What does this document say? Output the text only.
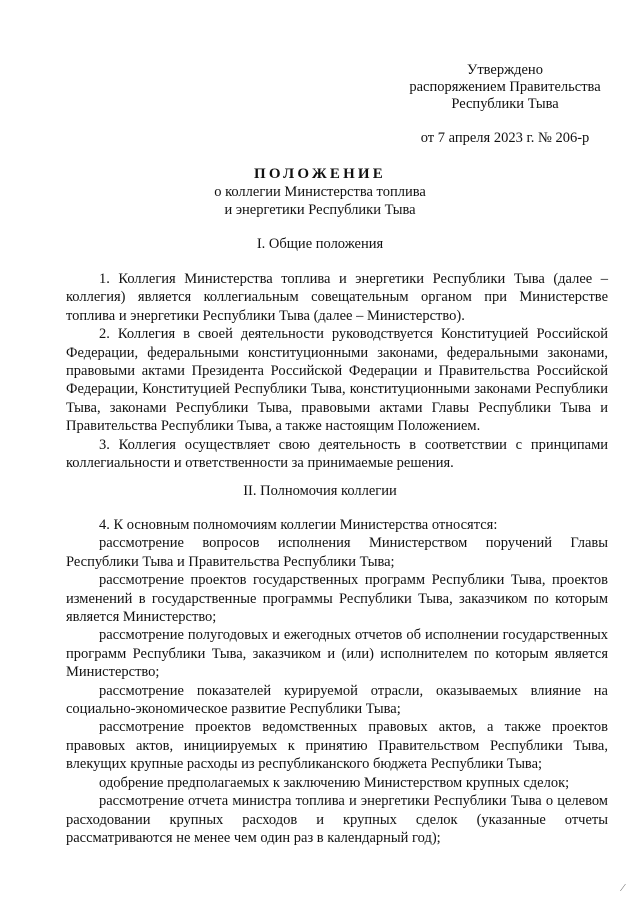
Утверждено
распоряжением Правительства
Республики Тыва
от 7 апреля 2023 г. № 206-р
ПОЛОЖЕНИЕ
о коллегии Министерства топлива
и энергетики Республики Тыва
I. Общие положения

1. Коллегия Министерства топлива и энергетики Республики Тыва (далее – коллегия) является коллегиальным совещательным органом при Министерстве топлива и энергетики Республики Тыва (далее – Министерство).

2. Коллегия в своей деятельности руководствуется Конституцией Российской Федерации, федеральными конституционными законами, федеральными законами, правовыми актами Президента Российской Федерации и Правительства Российской Федерации, Конституцией Республики Тыва, конституционными законами Республики Тыва, законами Республики Тыва, правовыми актами Главы Республики Тыва и Правительства Республики Тыва, а также настоящим Положением.

3. Коллегия осуществляет свою деятельность в соответствии с принципами коллегиальности и ответственности за принимаемые решения.

II. Полномочия коллегии

4. К основным полномочиям коллегии Министерства относятся:

рассмотрение вопросов исполнения Министерством поручений Главы Республики Тыва и Правительства Республики Тыва;

рассмотрение проектов государственных программ Республики Тыва, проектов изменений в государственные программы Республики Тыва, заказчиком по которым является Министерство;

рассмотрение полугодовых и ежегодных отчетов об исполнении государственных программ Республики Тыва, заказчиком и (или) исполнителем по которым является Министерство;

рассмотрение показателей курируемой отрасли, оказываемых влияние на социально-экономическое развитие Республики Тыва;

рассмотрение проектов ведомственных правовых актов, а также проектов правовых актов, инициируемых к принятию Правительством Республики Тыва, влекущих крупные расходы из республиканского бюджета Республики Тыва;

одобрение предполагаемых к заключению Министерством крупных сделок;

рассмотрение отчета министра топлива и энергетики Республики Тыва о целевом расходовании крупных расходов и крупных сделок (указанные отчеты рассматриваются не менее чем один раз в календарный год);

⁄
